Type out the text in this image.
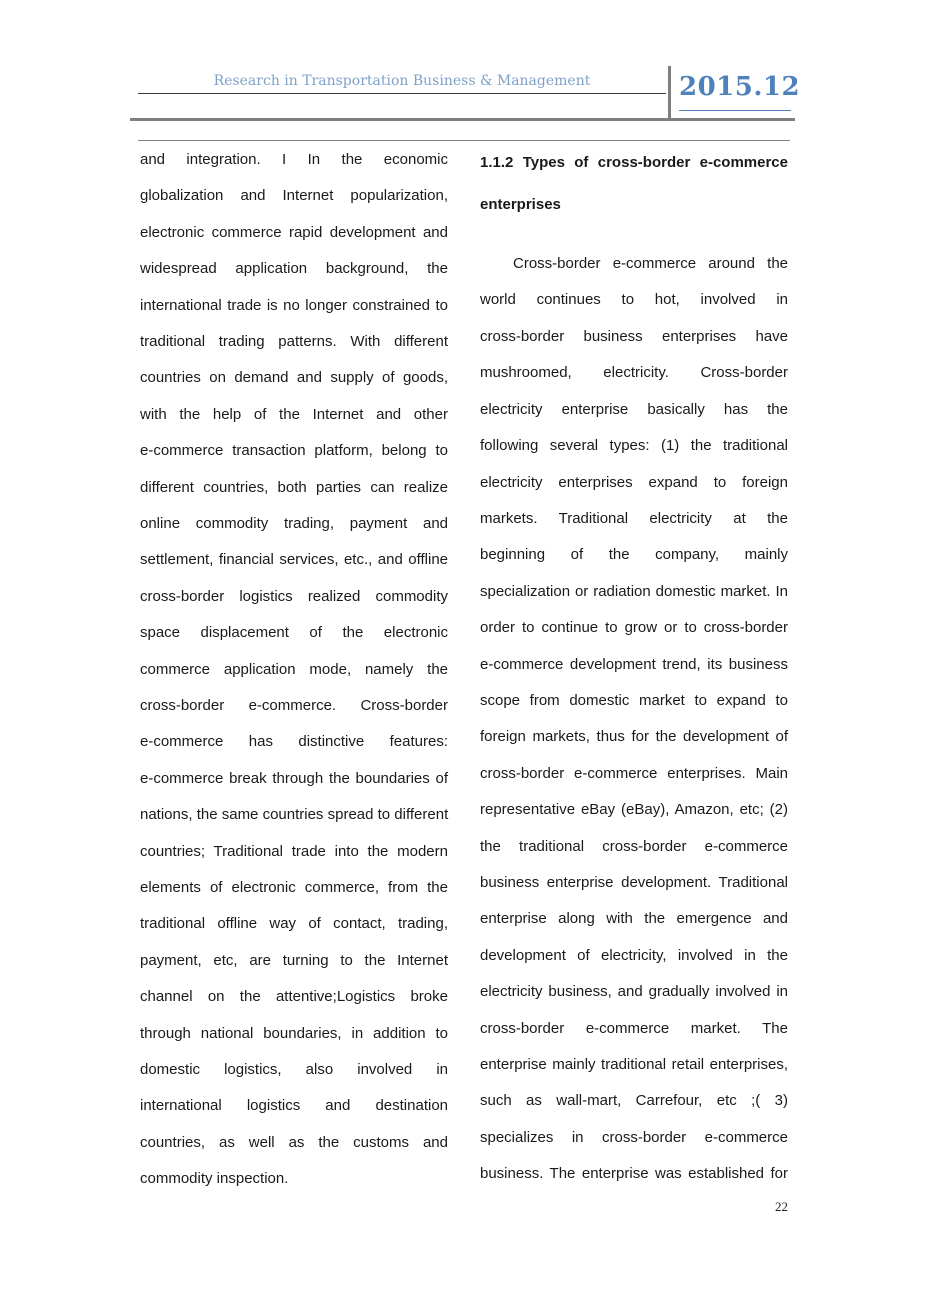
Research in Transportation Business & Management	2015.12
and integration. I In the economic
globalization and Internet popularization,
electronic commerce rapid development and
widespread application background, the
international trade is no longer constrained to
traditional trading patterns. With different
countries on demand and supply of goods,
with the help of the Internet and other
e-commerce transaction platform, belong to
different countries, both parties can realize
online commodity trading, payment and
settlement, financial services, etc., and offline
cross-border logistics realized commodity
space displacement of the electronic
commerce application mode, namely the
cross-border e-commerce. Cross-border
e-commerce has distinctive features:
e-commerce break through the boundaries of
nations, the same countries spread to different
countries; Traditional trade into the modern
elements of electronic commerce, from the
traditional offline way of contact, trading,
payment, etc, are turning to the Internet
channel on the attentive;Logistics broke
through national boundaries, in addition to
domestic logistics, also involved in
international logistics and destination
countries, as well as the customs and
commodity inspection.
1.1.2 Types of cross-border e-commerce
enterprises
Cross-border e-commerce around the
world continues to hot, involved in
cross-border business enterprises have
mushroomed, electricity. Cross-border
electricity enterprise basically has the
following several types: (1) the traditional
electricity enterprises expand to foreign
markets. Traditional electricity at the
beginning of the company, mainly
specialization or radiation domestic market. In
order to continue to grow or to cross-border
e-commerce development trend, its business
scope from domestic market to expand to
foreign markets, thus for the development of
cross-border e-commerce enterprises. Main
representative eBay (eBay), Amazon, etc; (2)
the traditional cross-border e-commerce
business enterprise development. Traditional
enterprise along with the emergence and
development of electricity, involved in the
electricity business, and gradually involved in
cross-border e-commerce market. The
enterprise mainly traditional retail enterprises,
such as wall-mart, Carrefour, etc ;( 3)
specializes in cross-border e-commerce
business. The enterprise was established for
22
